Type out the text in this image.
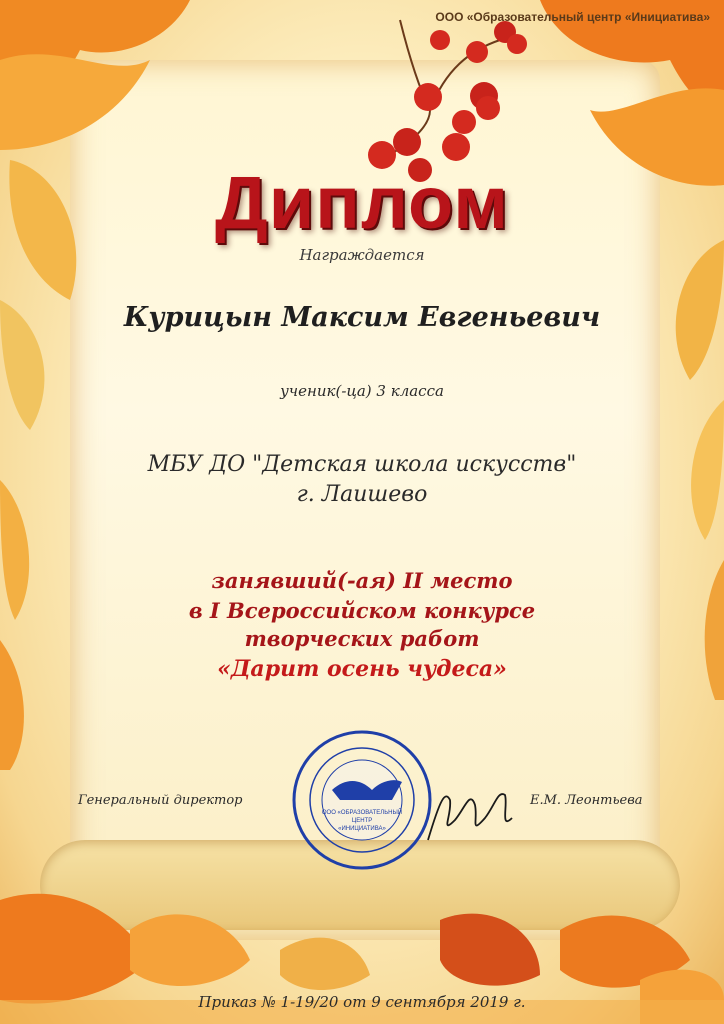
ООО «ОБРАЗОВАТЕЛЬНЫЙ
ЦЕНТР
«ИНИЦИАТИВА»
ООО «Образовательный центр «Инициатива»
Диплом
Награждается
Курицын Максим Евгеньевич
ученик(-ца) 3 класса
МБУ ДО "Детская школа искусств"
г. Лаишево
занявший(-ая) II место
в I Всероссийском конкурсе
творческих работ
«Дарит осень чудеса»
Генеральный директор	Е.М. Леонтьева
Приказ № 1-19/20 от 9 сентября 2019 г.
